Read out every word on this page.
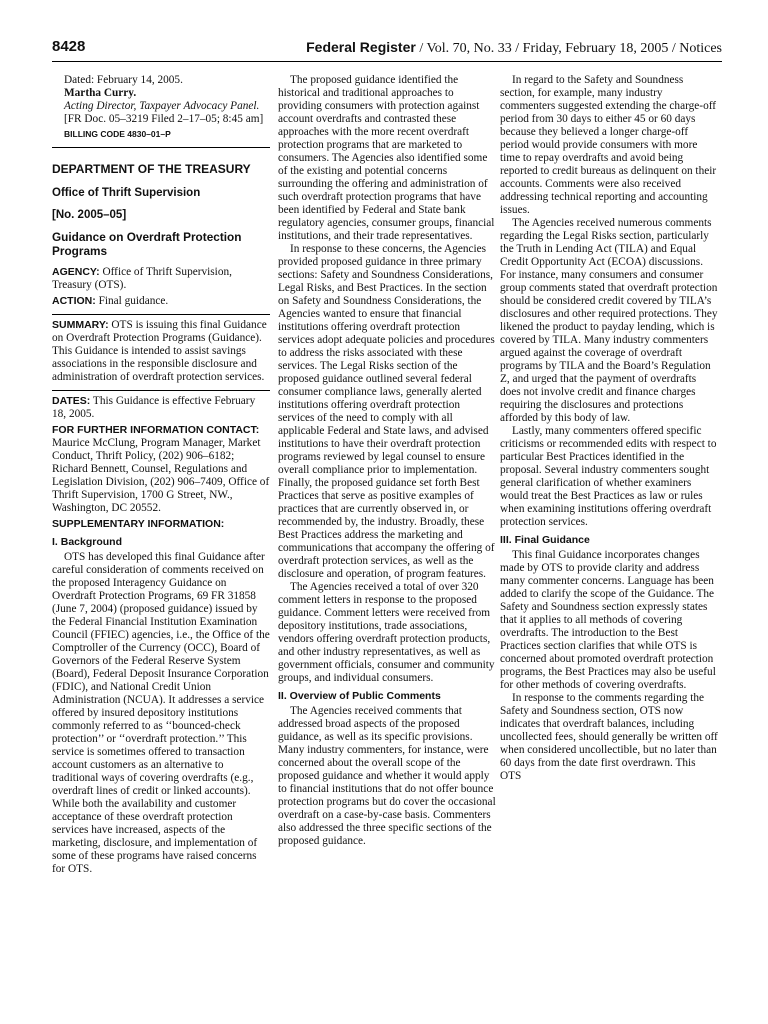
8428	Federal Register / Vol. 70, No. 33 / Friday, February 18, 2005 / Notices
Dated: February 14, 2005.
Martha Curry.
Acting Director, Taxpayer Advocacy Panel.
[FR Doc. 05–3219 Filed 2–17–05; 8:45 am]
BILLING CODE 4830–01–P
DEPARTMENT OF THE TREASURY
Office of Thrift Supervision
[No. 2005–05]
Guidance on Overdraft Protection Programs
AGENCY: Office of Thrift Supervision, Treasury (OTS).
ACTION: Final guidance.
SUMMARY: OTS is issuing this final Guidance on Overdraft Protection Programs (Guidance). This Guidance is intended to assist savings associations in the responsible disclosure and administration of overdraft protection services.
DATES: This Guidance is effective February 18, 2005.
FOR FURTHER INFORMATION CONTACT:
Maurice McClung, Program Manager, Market Conduct, Thrift Policy, (202) 906–6182; Richard Bennett, Counsel, Regulations and Legislation Division, (202) 906–7409, Office of Thrift Supervision, 1700 G Street, NW., Washington, DC 20552.
SUPPLEMENTARY INFORMATION:
I. Background
OTS has developed this final Guidance after careful consideration of comments received on the proposed Interagency Guidance on Overdraft Protection Programs, 69 FR 31858 (June 7, 2004) (proposed guidance) issued by the Federal Financial Institution Examination Council (FFIEC) agencies, i.e., the Office of the Comptroller of the Currency (OCC), Board of Governors of the Federal Reserve System (Board), Federal Deposit Insurance Corporation (FDIC), and National Credit Union Administration (NCUA). It addresses a service offered by insured depository institutions commonly referred to as ‘‘bounced-check protection’’ or ‘‘overdraft protection.’’ This service is sometimes offered to transaction account customers as an alternative to traditional ways of covering overdrafts (e.g., overdraft lines of credit or linked accounts). While both the availability and customer acceptance of these overdraft protection services have increased, aspects of the marketing, disclosure, and implementation of some of these programs have raised concerns for OTS.
The proposed guidance identified the historical and traditional approaches to providing consumers with protection against account overdrafts and contrasted these approaches with the more recent overdraft protection programs that are marketed to consumers. The Agencies also identified some of the existing and potential concerns surrounding the offering and administration of such overdraft protection programs that have been identified by Federal and State bank regulatory agencies, consumer groups, financial institutions, and their trade representatives.
In response to these concerns, the Agencies provided proposed guidance in three primary sections: Safety and Soundness Considerations, Legal Risks, and Best Practices. In the section on Safety and Soundness Considerations, the Agencies wanted to ensure that financial institutions offering overdraft protection services adopt adequate policies and procedures to address the risks associated with these services. The Legal Risks section of the proposed guidance outlined several federal consumer compliance laws, generally alerted institutions offering overdraft protection services of the need to comply with all applicable Federal and State laws, and advised institutions to have their overdraft protection programs reviewed by legal counsel to ensure overall compliance prior to implementation. Finally, the proposed guidance set forth Best Practices that serve as positive examples of practices that are currently observed in, or recommended by, the industry. Broadly, these Best Practices address the marketing and communications that accompany the offering of overdraft protection services, as well as the disclosure and operation, of program features.
The Agencies received a total of over 320 comment letters in response to the proposed guidance. Comment letters were received from depository institutions, trade associations, vendors offering overdraft protection products, and other industry representatives, as well as government officials, consumer and community groups, and individual consumers.
II. Overview of Public Comments
The Agencies received comments that addressed broad aspects of the proposed guidance, as well as its specific provisions. Many industry commenters, for instance, were concerned about the overall scope of the proposed guidance and whether it would apply to financial institutions that do not offer bounce protection programs but do cover the occasional overdraft on a case-by-case basis. Commenters also addressed the three specific sections of the proposed guidance.
In regard to the Safety and Soundness section, for example, many industry commenters suggested extending the charge-off period from 30 days to either 45 or 60 days because they believed a longer charge-off period would provide consumers with more time to repay overdrafts and avoid being reported to credit bureaus as delinquent on their accounts. Comments were also received addressing technical reporting and accounting issues.
The Agencies received numerous comments regarding the Legal Risks section, particularly the Truth in Lending Act (TILA) and Equal Credit Opportunity Act (ECOA) discussions. For instance, many consumers and consumer group comments stated that overdraft protection should be considered credit covered by TILA’s disclosures and other required protections. They likened the product to payday lending, which is covered by TILA. Many industry commenters argued against the coverage of overdraft programs by TILA and the Board’s Regulation Z, and urged that the payment of overdrafts does not involve credit and finance charges requiring the disclosures and protections afforded by this body of law.
Lastly, many commenters offered specific criticisms or recommended edits with respect to particular Best Practices identified in the proposal. Several industry commenters sought general clarification of whether examiners would treat the Best Practices as law or rules when examining institutions offering overdraft protection services.
III. Final Guidance
This final Guidance incorporates changes made by OTS to provide clarity and address many commenter concerns. Language has been added to clarify the scope of the Guidance. The Safety and Soundness section expressly states that it applies to all methods of covering overdrafts. The introduction to the Best Practices section clarifies that while OTS is concerned about promoted overdraft protection programs, the Best Practices may also be useful for other methods of covering overdrafts.
In response to the comments regarding the Safety and Soundness section, OTS now indicates that overdraft balances, including uncollected fees, should generally be written off when considered uncollectible, but no later than 60 days from the date first overdrawn. This OTS
